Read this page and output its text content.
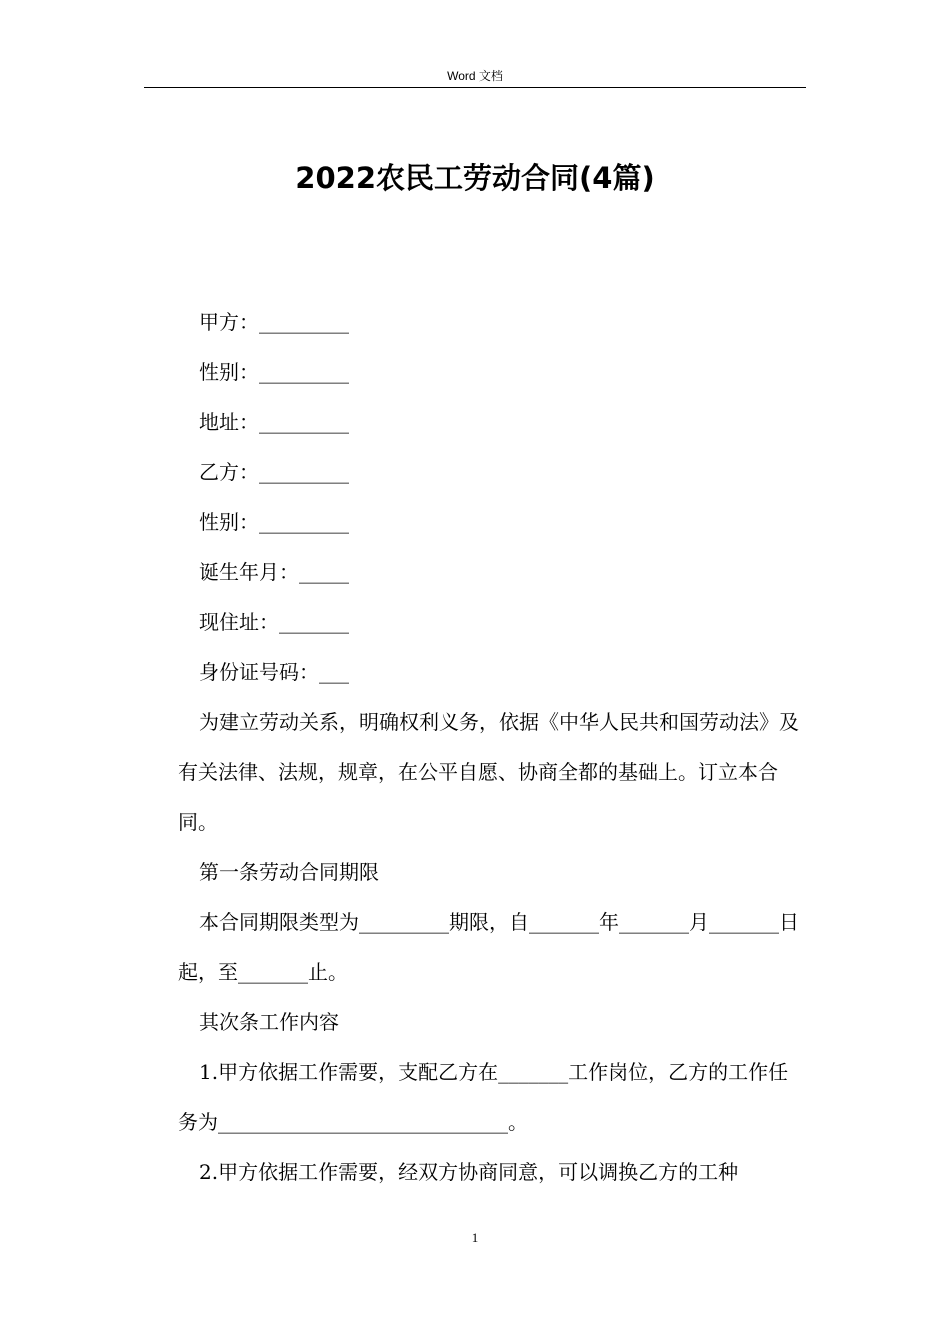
Word 文档
2022农民工劳动合同(4篇)

甲方：_________

性别：_________

地址：_________

乙方：_________

性别：_________

诞生年月：_____

现住址：_______

身份证号码：___

为建立劳动关系，明确权利义务，依据《中华人民共和国劳动法》及有关法律、法规，规章，在公平自愿、协商全都的基础上。订立本合同。

第一条劳动合同期限

本合同期限类型为_________期限，自_______年_______月_______日起，至_______止。

其次条工作内容

1.甲方依据工作需要，支配乙方在_______工作岗位，乙方的工作任务为_____________________________。

2.甲方依据工作需要，经双方协商同意，可以调换乙方的工种

1
